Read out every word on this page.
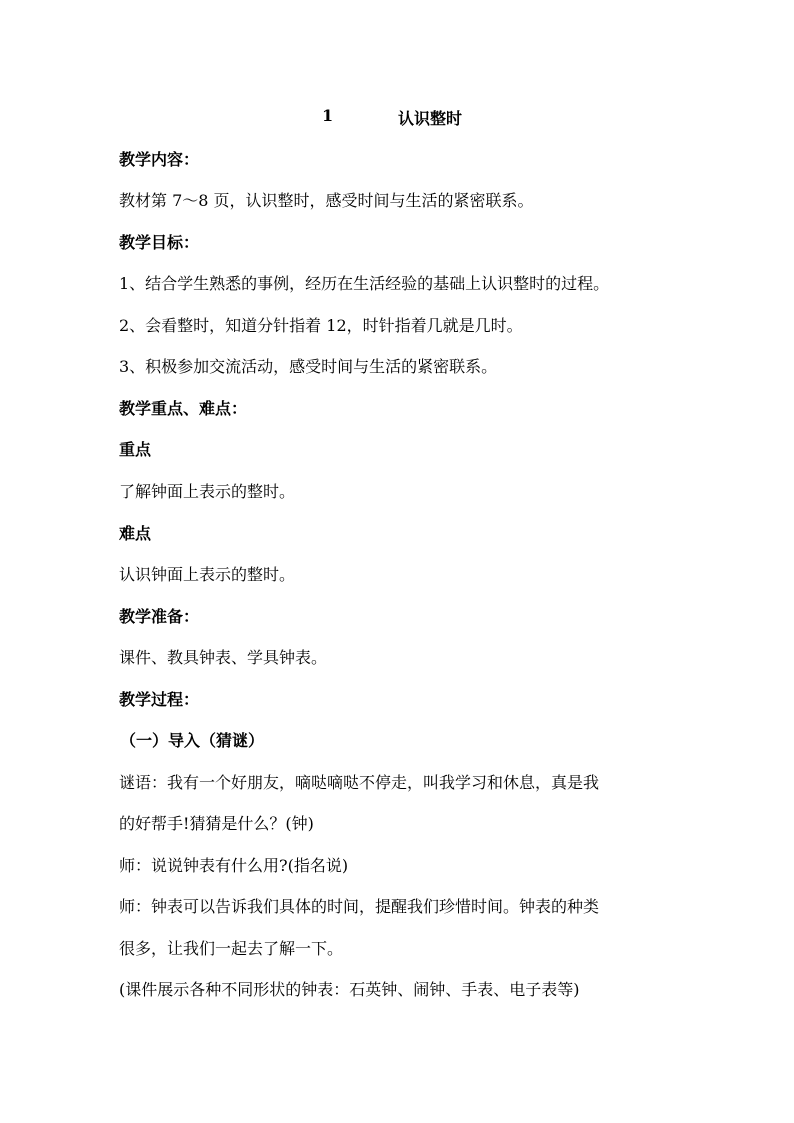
1	认识整时
教学内容：
教材第 7～8 页，认识整时，感受时间与生活的紧密联系。
教学目标：
1、结合学生熟悉的事例，经历在生活经验的基础上认识整时的过程。
2、会看整时，知道分针指着 12，时针指着几就是几时。
3、积极参加交流活动，感受时间与生活的紧密联系。
教学重点、难点：
重点
了解钟面上表示的整时。
难点
认识钟面上表示的整时。
教学准备：
课件、教具钟表、学具钟表。
教学过程：
（一）导入（猜谜）
谜语：我有一个好朋友，嘀哒嘀哒不停走，叫我学习和休息，真是我
的好帮手!猜猜是什么？(钟)
师：说说钟表有什么用?(指名说)
师：钟表可以告诉我们具体的时间，提醒我们珍惜时间。钟表的种类
很多，让我们一起去了解一下。
(课件展示各种不同形状的钟表：石英钟、闹钟、手表、电子表等)
